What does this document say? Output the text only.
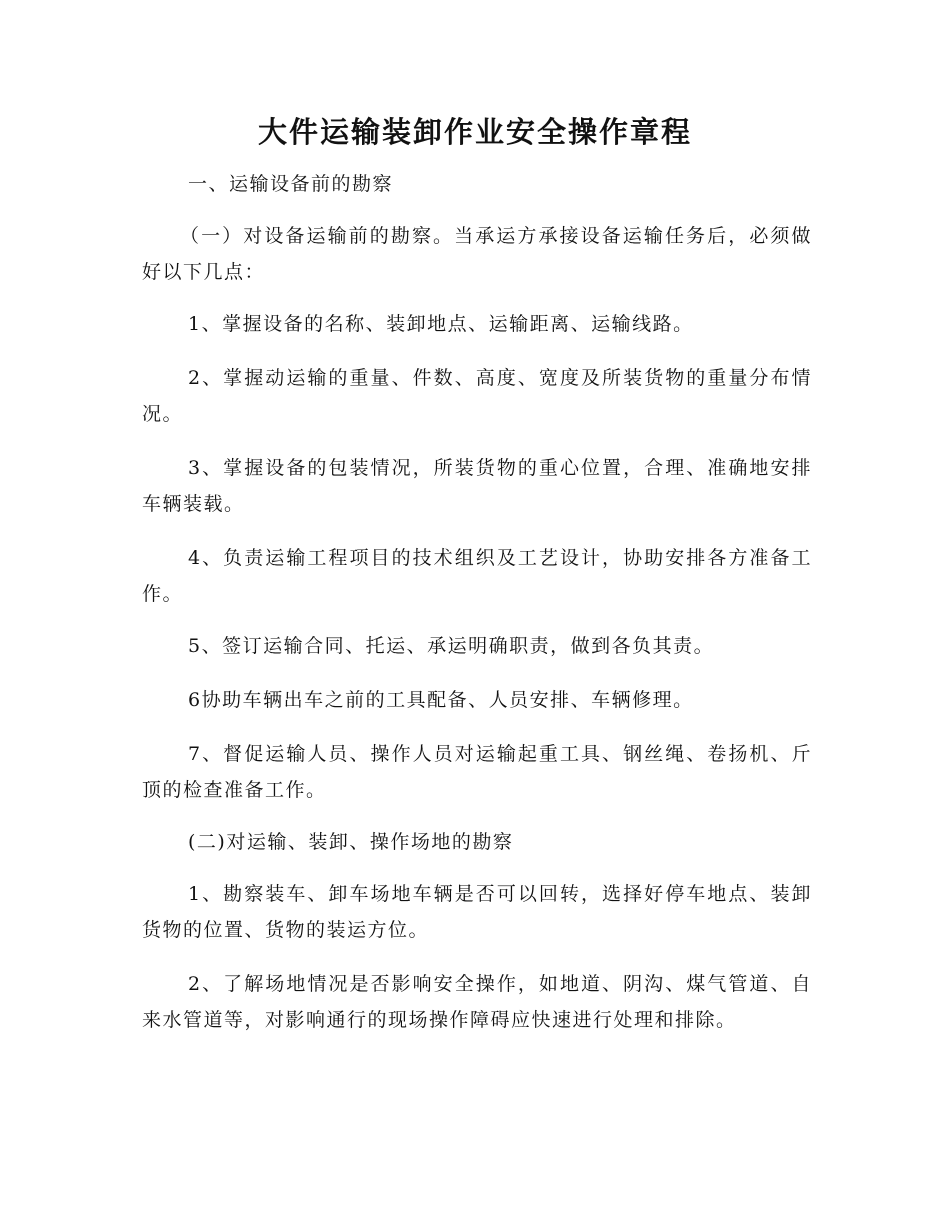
大件运输装卸作业安全操作章程

一、运输设备前的勘察

（一）对设备运输前的勘察。当承运方承接设备运输任务后，必须做好以下几点：

1、掌握设备的名称、装卸地点、运输距离、运输线路。

2、掌握动运输的重量、件数、高度、宽度及所装货物的重量分布情况。

3、掌握设备的包装情况，所装货物的重心位置，合理、准确地安排车辆装载。

4、负责运输工程项目的技术组织及工艺设计，协助安排各方准备工作。

5、签订运输合同、托运、承运明确职责，做到各负其责。

6协助车辆出车之前的工具配备、人员安排、车辆修理。

7、督促运输人员、操作人员对运输起重工具、钢丝绳、卷扬机、斤顶的检查准备工作。

(二)对运输、装卸、操作场地的勘察

1、勘察装车、卸车场地车辆是否可以回转，选择好停车地点、装卸货物的位置、货物的装运方位。

2、了解场地情况是否影响安全操作，如地道、阴沟、煤气管道、自来水管道等，对影响通行的现场操作障碍应快速进行处理和排除。
